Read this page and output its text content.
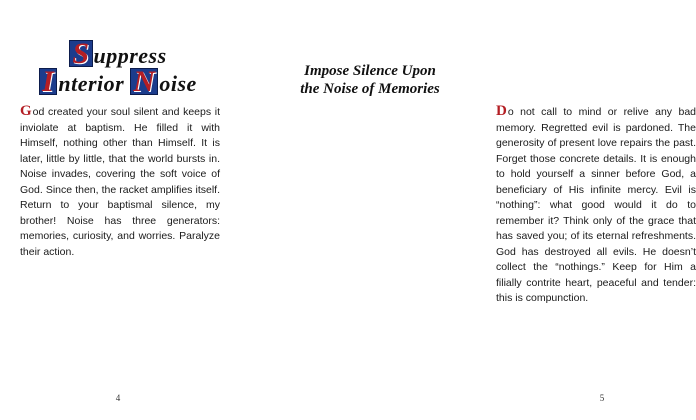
S uppress
I nterior N oise

God created your soul silent and keeps it inviolate at baptism. He filled it with Himself, nothing other than Himself. It is later, little by little, that the world bursts in. Noise invades, covering the soft voice of God. Since then, the racket amplifies itself. Return to your baptismal silence, my brother! Noise has three generators: memories, curiosity, and worries. Paralyze their action.

4
Impose Silence Upon
the Noise of Memories

Do not call to mind or relive any bad memory. Regretted evil is pardoned. The generosity of present love repairs the past. Forget those concrete details. It is enough to hold yourself a sinner before God, a beneficiary of His infinite mercy. Evil is “nothing”: what good would it do to remember it? Think only of the grace that has saved you; of its eternal refreshments. God has destroyed all evils. He doesn’t collect the “nothings.” Keep for Him a filially contrite heart, peaceful and tender: this is compunction.

5
